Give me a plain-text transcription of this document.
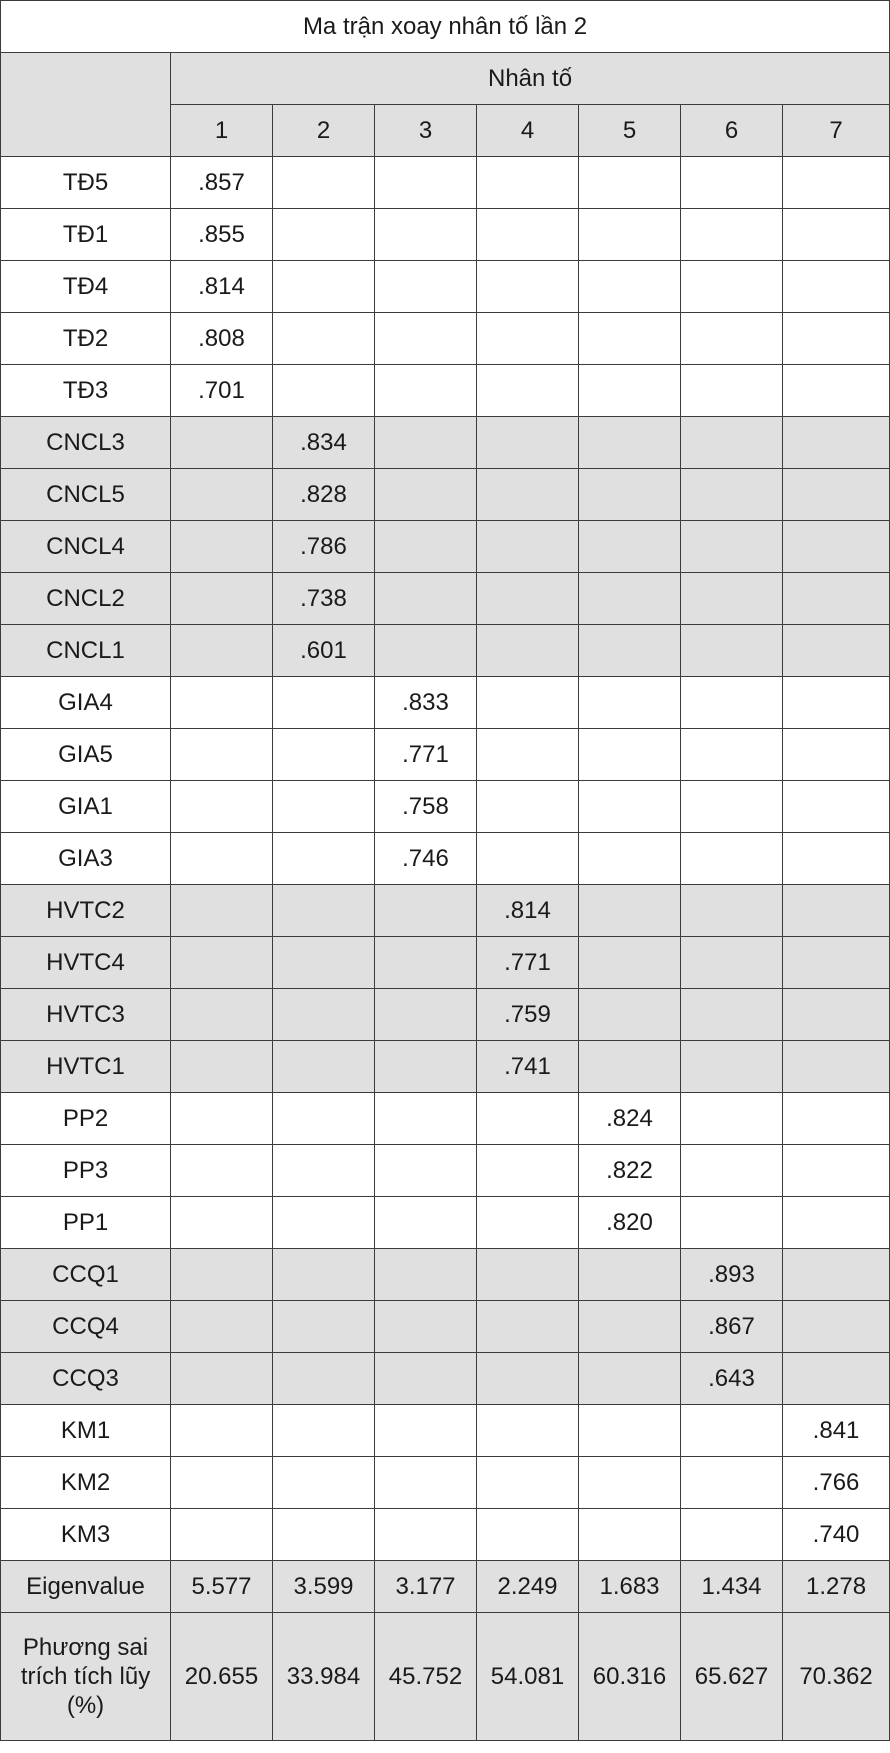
Ma trận xoay nhân tố lần 2							
	Nhân tố						
	1	2	3	4	5	6	7
TĐ5	.857						
TĐ1	.855						
TĐ4	.814						
TĐ2	.808						
TĐ3	.701						
CNCL3		.834					
CNCL5		.828					
CNCL4		.786					
CNCL2		.738					
CNCL1		.601					
GIA4			.833				
GIA5			.771				
GIA1			.758				
GIA3			.746				
HVTC2				.814			
HVTC4				.771			
HVTC3				.759			
HVTC1				.741			
PP2					.824		
PP3					.822		
PP1					.820		
CCQ1						.893	
CCQ4						.867	
CCQ3						.643	
KM1							.841
KM2							.766
KM3							.740
Eigenvalue	5.577	3.599	3.177	2.249	1.683	1.434	1.278

Phương sai
trích tích lũy
(%)	20.655	33.984	45.752	54.081	60.316	65.627	70.362
